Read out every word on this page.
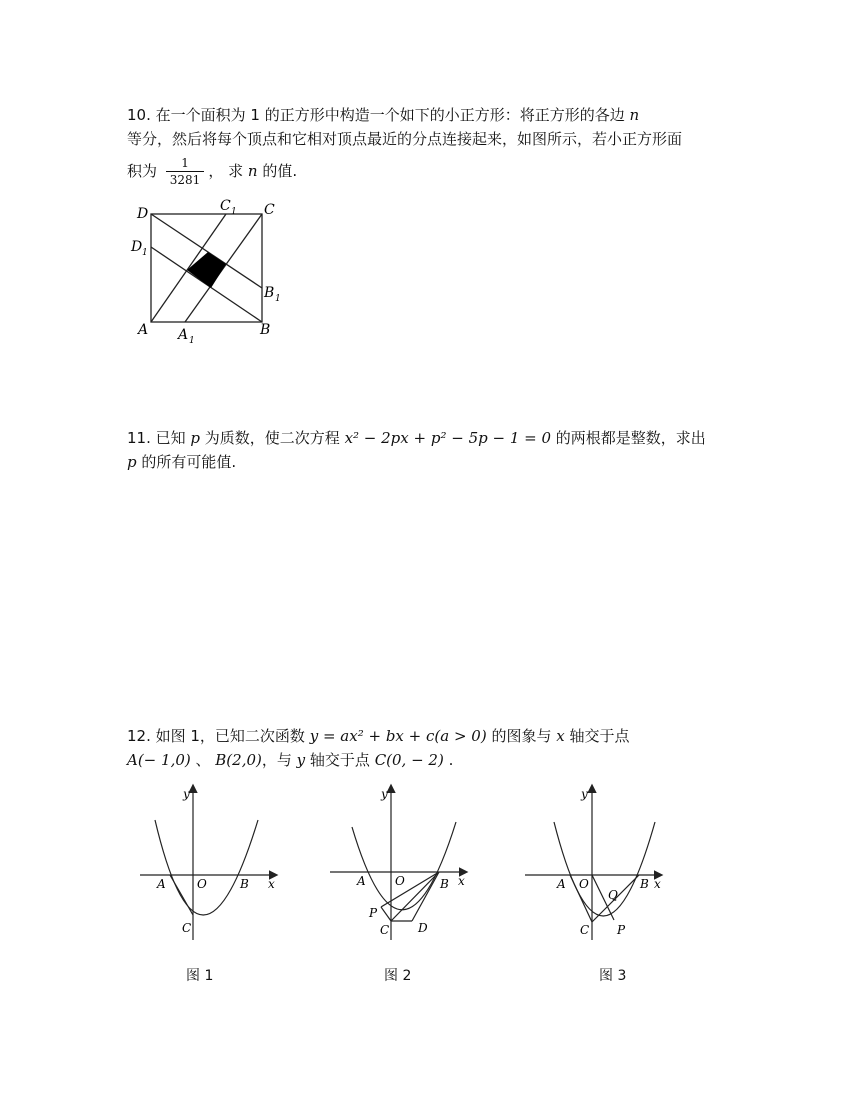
10. 在一个面积为 1 的正方形中构造一个如下的小正方形：将正方形的各边 n
等分，然后将每个顶点和它相对顶点最近的分点连接起来，如图所示，若小正方形面
积为 $\frac{1}{3281}$ ， 求 n 的值.
D	C 1 C
D 1
B 1
A A 1
B
11. 已知 p 为质数，使二次方程 x² − 2px + p² − 5p − 1 = 0 的两根都是整数，求出
p 的所有可能值.
12. 如图 1，已知二次函数 y = ax² + bx + c(a > 0) 的图象与 x 轴交于点
A(− 1,0) 、 B(2,0)，与 y 轴交于点 C(0, − 2) .
y
x
A	O	B
C
y
x
A O	B
P
C D
y
x
A O	B
Q
C P
图 1	图 2	图 3
